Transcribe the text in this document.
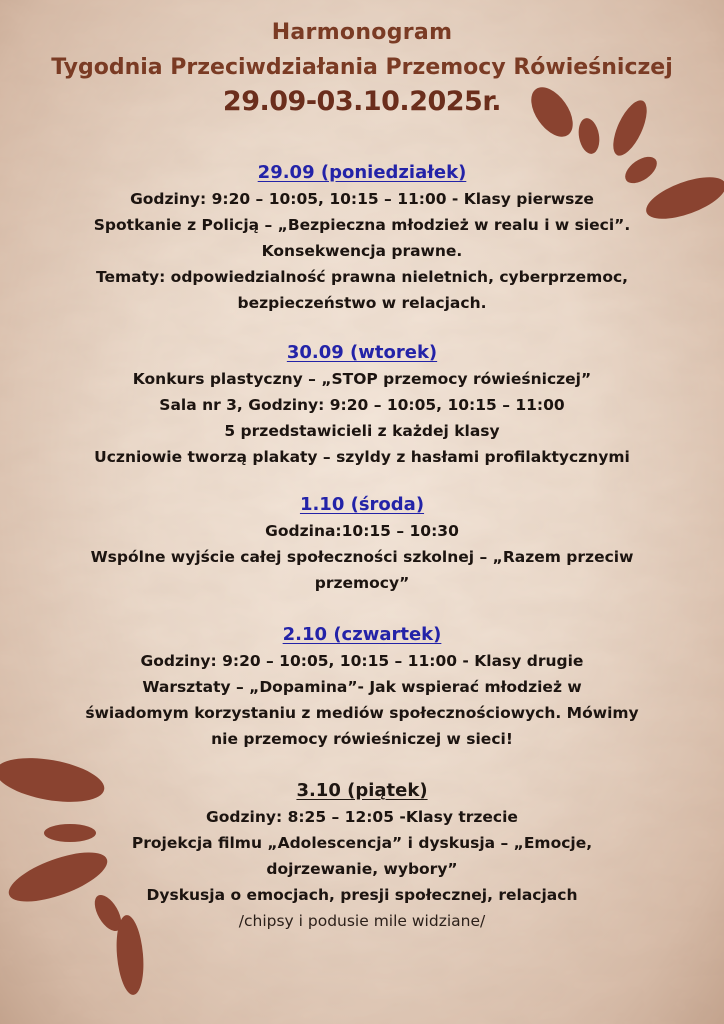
Harmonogram
Tygodnia Przeciwdziałania Przemocy Rówieśniczej
29.09-03.10.2025r.
29.09 (poniedziałek)
Godziny: 9:20 – 10:05, 10:15 – 11:00 - Klasy pierwsze
Spotkanie z Policją – „Bezpieczna młodzież w realu i w sieci”.
Konsekwencja prawne.
Tematy: odpowiedzialność prawna nieletnich, cyberprzemoc,
bezpieczeństwo w relacjach.
30.09 (wtorek)
Konkurs plastyczny – „STOP przemocy rówieśniczej”
Sala nr 3, Godziny: 9:20 – 10:05, 10:15 – 11:00
5 przedstawicieli z każdej klasy
Uczniowie tworzą plakaty – szyldy z hasłami profilaktycznymi
1.10 (środa)
Godzina:10:15 – 10:30
Wspólne wyjście całej społeczności szkolnej – „Razem przeciw
przemocy”
2.10 (czwartek)
Godziny: 9:20 – 10:05, 10:15 – 11:00 - Klasy drugie
Warsztaty – „Dopamina”- Jak wspierać młodzież w
świadomym korzystaniu z mediów społecznościowych. Mówimy
nie przemocy rówieśniczej w sieci!
3.10 (piątek)
Godziny: 8:25 – 12:05 -Klasy trzecie
Projekcja filmu „Adolescencja” i dyskusja – „Emocje,
dojrzewanie, wybory”
Dyskusja o emocjach, presji społecznej, relacjach
/chipsy i podusie mile widziane/
